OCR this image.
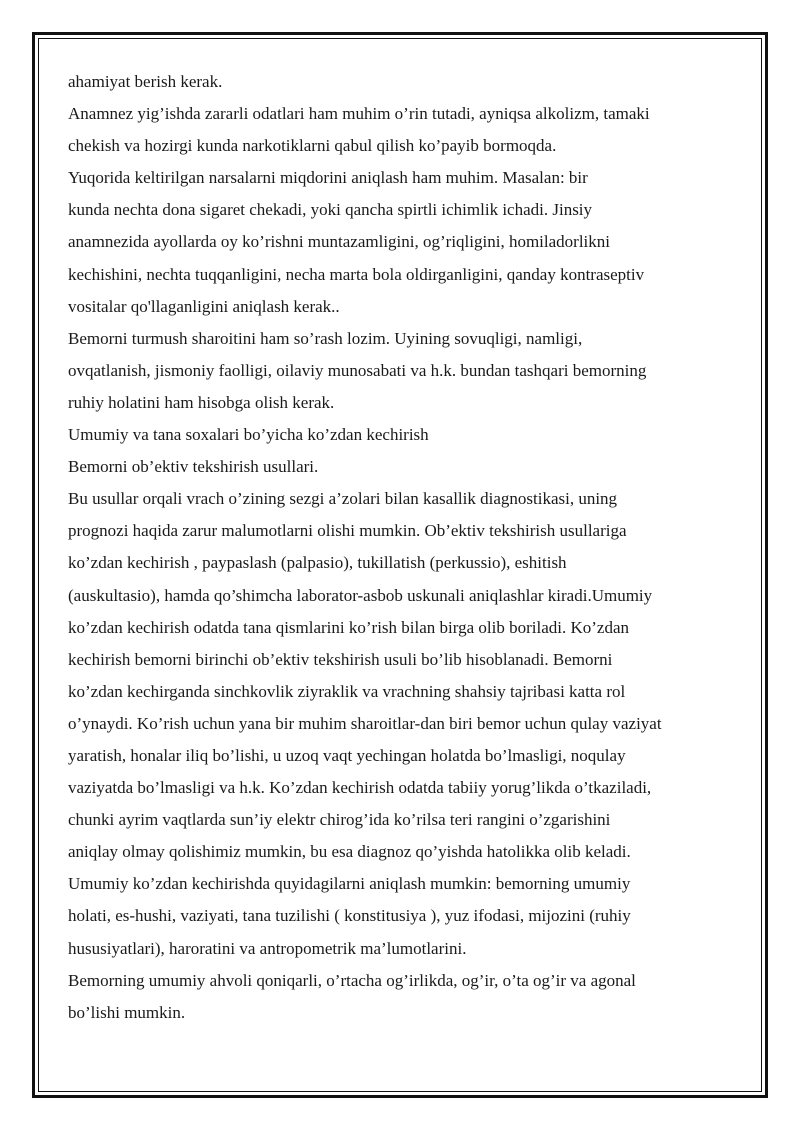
ahamiyat berish kerak.
Anamnez yig’ishda zararli odatlari ham muhim o’rin tutadi, ayniqsa alkolizm, tamaki
chekish va hozirgi kunda narkotiklarni qabul qilish ko’payib bormoqda.
Yuqorida keltirilgan narsalarni miqdorini aniqlash ham muhim. Masalan: bir
kunda nechta dona sigaret chekadi, yoki qancha spirtli ichimlik ichadi. Jinsiy
anamnezida ayollarda oy ko’rishni muntazamligini, og’riqligini, homiladorlikni
kechishini, nechta tuqqanligini, necha marta bola oldirganligini, qanday kontraseptiv
vositalar qo'llaganligini aniqlash kerak..
Bemorni turmush sharoitini ham so’rash lozim. Uyining sovuqligi, namligi,
ovqatlanish, jismoniy faolligi, oilaviy munosabati va h.k. bundan tashqari bemorning
ruhiy holatini ham hisobga olish kerak.
Umumiy va tana soxalari bo’yicha ko’zdan kechirish
Bemorni ob’ektiv tekshirish usullari.
Bu usullar orqali vrach o’zining sezgi a’zolari bilan kasallik diagnostikasi, uning
prognozi haqida zarur malumotlarni olishi mumkin. Ob’ektiv tekshirish usullariga
ko’zdan kechirish , paypaslash (palpasio), tukillatish (perkussio), eshitish
(auskultasio), hamda qo’shimcha laborator-asbob uskunali aniqlashlar kiradi.Umumiy
ko’zdan kechirish odatda tana qismlarini ko’rish bilan birga olib boriladi. Ko’zdan
kechirish bemorni birinchi ob’ektiv tekshirish usuli bo’lib hisoblanadi. Bemorni
ko’zdan kechirganda sinchkovlik ziyraklik va vrachning shahsiy tajribasi katta rol
o’ynaydi. Ko’rish uchun yana bir muhim sharoitlar-dan biri bemor uchun qulay vaziyat
yaratish, honalar iliq bo’lishi, u uzoq vaqt yechingan holatda bo’lmasligi, noqulay
vaziyatda bo’lmasligi va h.k. Ko’zdan kechirish odatda tabiiy yorug’likda o’tkaziladi,
chunki ayrim vaqtlarda sun’iy elektr chirog’ida ko’rilsa teri rangini o’zgarishini
aniqlay olmay qolishimiz mumkin, bu esa diagnoz qo’yishda hatolikka olib keladi.
Umumiy ko’zdan kechirishda quyidagilarni aniqlash mumkin: bemorning umumiy
holati, es-hushi, vaziyati, tana tuzilishi ( konstitusiya ), yuz ifodasi, mijozini (ruhiy
hususiyatlari), haroratini va antropometrik ma’lumotlarini.
Bemorning umumiy ahvoli qoniqarli, o’rtacha og’irlikda, og’ir, o’ta og’ir va agonal
bo’lishi mumkin.
